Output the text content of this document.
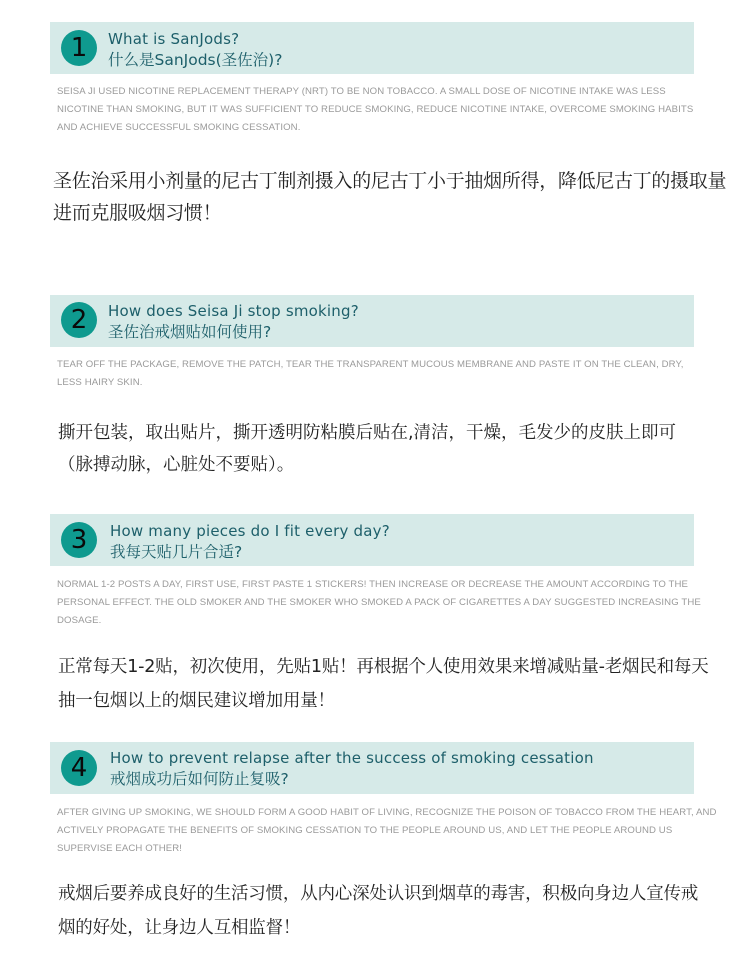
1	What is SanJods?
什么是SanJods(圣佐治)?
SEISA JI USED NICOTINE REPLACEMENT THERAPY (NRT) TO BE NON TOBACCO. A SMALL DOSE OF NICOTINE INTAKE WAS LESS NICOTINE THAN SMOKING, BUT IT WAS SUFFICIENT TO REDUCE SMOKING, REDUCE NICOTINE INTAKE, OVERCOME SMOKING HABITS AND ACHIEVE SUCCESSFUL SMOKING CESSATION.
圣佐治采用小剂量的尼古丁制剂摄入的尼古丁小于抽烟所得，降低尼古丁的摄取量进而克服吸烟习惯！
2	How does Seisa Ji stop smoking?
圣佐治戒烟贴如何使用?
TEAR OFF THE PACKAGE, REMOVE THE PATCH, TEAR THE TRANSPARENT MUCOUS MEMBRANE AND PASTE IT ON THE CLEAN, DRY, LESS HAIRY SKIN.
撕开包装，取出贴片，撕开透明防粘膜后贴在,清洁，干燥，毛发少的皮肤上即可（脉搏动脉，心脏处不要贴）。
3	How many pieces do I fit every day?
我每天贴几片合适?
NORMAL 1-2 POSTS A DAY, FIRST USE, FIRST PASTE 1 STICKERS! THEN INCREASE OR DECREASE THE AMOUNT ACCORDING TO THE PERSONAL EFFECT. THE OLD SMOKER AND THE SMOKER WHO SMOKED A PACK OF CIGARETTES A DAY SUGGESTED INCREASING THE DOSAGE.
正常每天1-2贴，初次使用，先贴1贴！再根据个人使用效果来增减贴量-老烟民和每天抽一包烟以上的烟民建议增加用量！
4	How to prevent relapse after the success of smoking cessation
戒烟成功后如何防止复吸?
AFTER GIVING UP SMOKING, WE SHOULD FORM A GOOD HABIT OF LIVING, RECOGNIZE THE POISON OF TOBACCO FROM THE HEART, AND ACTIVELY PROPAGATE THE BENEFITS OF SMOKING CESSATION TO THE PEOPLE AROUND US, AND LET THE PEOPLE AROUND US SUPERVISE EACH OTHER!
戒烟后要养成良好的生活习惯，从内心深处认识到烟草的毒害，积极向身边人宣传戒烟的好处，让身边人互相监督！
